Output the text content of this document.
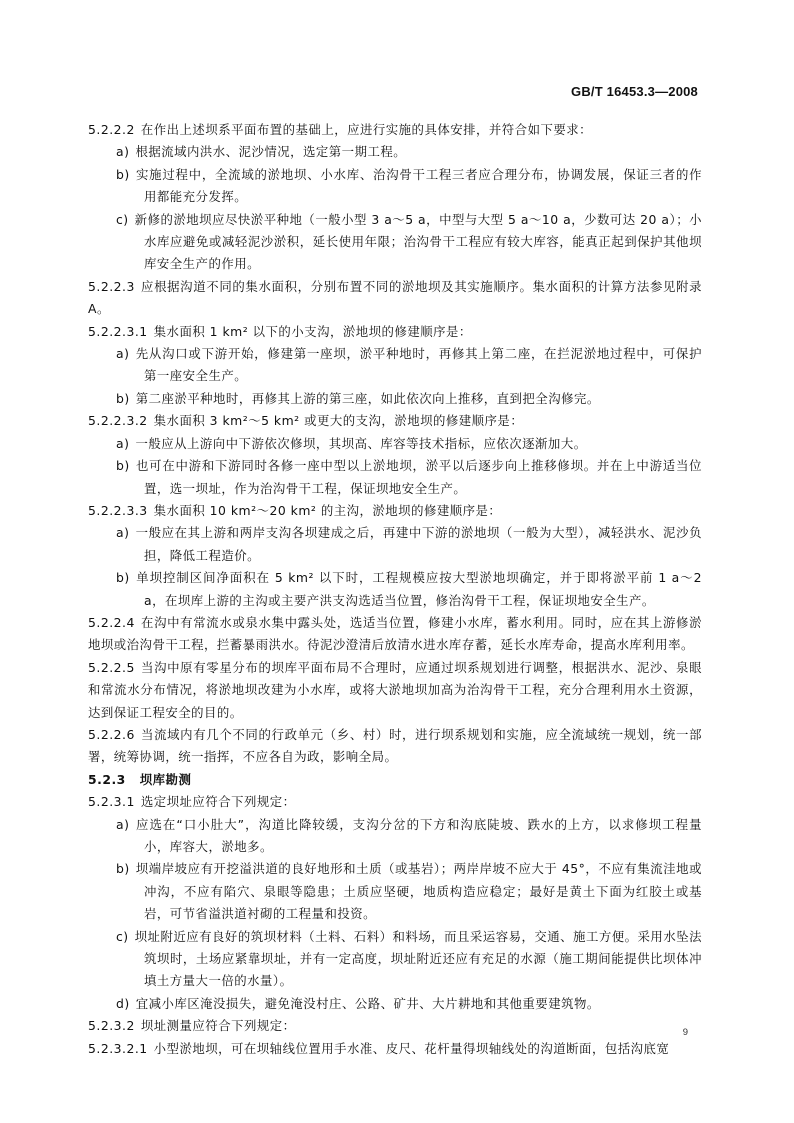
GB/T 16453.3—2008
5.2.2.2 在作出上述坝系平面布置的基础上，应进行实施的具体安排，并符合如下要求：
a) 根据流域内洪水、泥沙情况，选定第一期工程。
b) 实施过程中，全流域的淤地坝、小水库、治沟骨干工程三者应合理分布，协调发展，保证三者的作用都能充分发挥。
c) 新修的淤地坝应尽快淤平种地（一般小型 3 a～5 a，中型与大型 5 a～10 a，少数可达 20 a）；小水库应避免或减轻泥沙淤积，延长使用年限；治沟骨干工程应有较大库容，能真正起到保护其他坝库安全生产的作用。
5.2.2.3 应根据沟道不同的集水面积，分别布置不同的淤地坝及其实施顺序。集水面积的计算方法参见附录 A。
5.2.2.3.1 集水面积 1 km² 以下的小支沟，淤地坝的修建顺序是：
a) 先从沟口或下游开始，修建第一座坝，淤平种地时，再修其上第二座，在拦泥淤地过程中，可保护第一座安全生产。
b) 第二座淤平种地时，再修其上游的第三座，如此依次向上推移，直到把全沟修完。
5.2.2.3.2 集水面积 3 km²～5 km² 或更大的支沟，淤地坝的修建顺序是：
a) 一般应从上游向中下游依次修坝，其坝高、库容等技术指标，应依次逐渐加大。
b) 也可在中游和下游同时各修一座中型以上淤地坝，淤平以后逐步向上推移修坝。并在上中游适当位置，选一坝址，作为治沟骨干工程，保证坝地安全生产。
5.2.2.3.3 集水面积 10 km²～20 km² 的主沟，淤地坝的修建顺序是：
a) 一般应在其上游和两岸支沟各坝建成之后，再建中下游的淤地坝（一般为大型），减轻洪水、泥沙负担，降低工程造价。
b) 单坝控制区间净面积在 5 km² 以下时，工程规模应按大型淤地坝确定，并于即将淤平前 1 a～2 a，在坝库上游的主沟或主要产洪支沟选适当位置，修治沟骨干工程，保证坝地安全生产。
5.2.2.4 在沟中有常流水或泉水集中露头处，选适当位置，修建小水库，蓄水利用。同时，应在其上游修淤地坝或治沟骨干工程，拦蓄暴雨洪水。待泥沙澄清后放清水进水库存蓄，延长水库寿命，提高水库利用率。
5.2.2.5 当沟中原有零星分布的坝库平面布局不合理时，应通过坝系规划进行调整，根据洪水、泥沙、泉眼和常流水分布情况，将淤地坝改建为小水库，或将大淤地坝加高为治沟骨干工程，充分合理利用水土资源，达到保证工程安全的目的。
5.2.2.6 当流域内有几个不同的行政单元（乡、村）时，进行坝系规划和实施，应全流域统一规划，统一部署，统筹协调，统一指挥，不应各自为政，影响全局。
5.2.3 坝库勘测
5.2.3.1 选定坝址应符合下列规定：
a) 应选在“口小肚大”，沟道比降较缓，支沟分岔的下方和沟底陡坡、跌水的上方，以求修坝工程量小，库容大，淤地多。
b) 坝端岸坡应有开挖溢洪道的良好地形和土质（或基岩）；两岸岸坡不应大于 45°，不应有集流洼地或冲沟，不应有陷穴、泉眼等隐患；土质应坚硬，地质构造应稳定；最好是黄土下面为红胶土或基岩，可节省溢洪道衬砌的工程量和投资。
c) 坝址附近应有良好的筑坝材料（土料、石料）和料场，而且采运容易，交通、施工方便。采用水坠法筑坝时，土场应紧靠坝址，并有一定高度，坝址附近还应有充足的水源（施工期间能提供比坝体冲填土方量大一倍的水量）。
d) 宜减小库区淹没损失，避免淹没村庄、公路、矿井、大片耕地和其他重要建筑物。
5.2.3.2 坝址测量应符合下列规定：
5.2.3.2.1 小型淤地坝，可在坝轴线位置用手水准、皮尺、花杆量得坝轴线处的沟道断面，包括沟底宽
9
